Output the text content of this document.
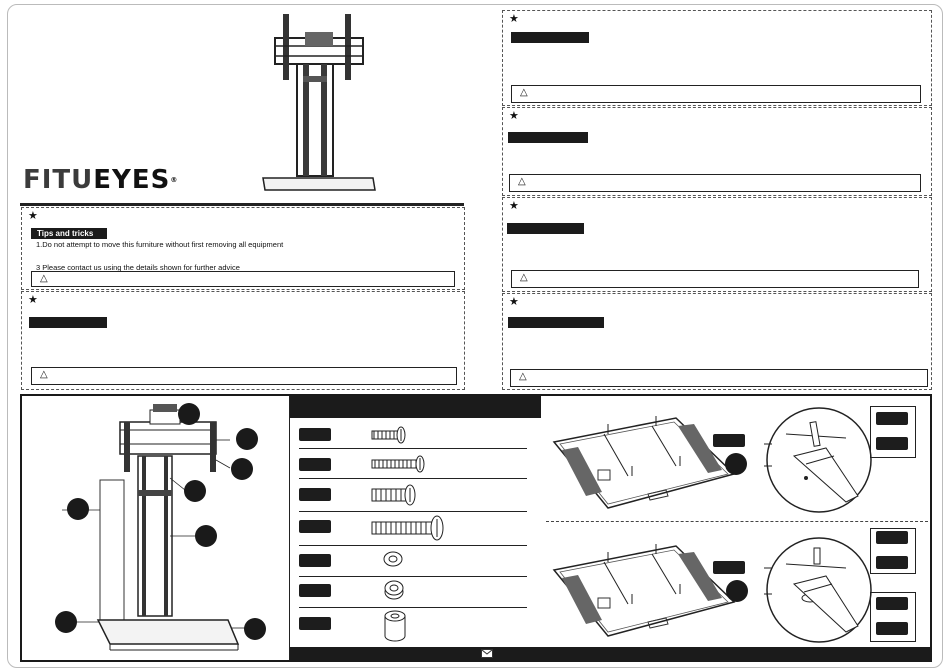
FITUEYES®
★
Tips and tricks
1.Do not attempt to move this furniture without first removing all equipment
3 Please contact us using the details shown for further advice
△
★
△
★
△
★
△
★
△
★
△
